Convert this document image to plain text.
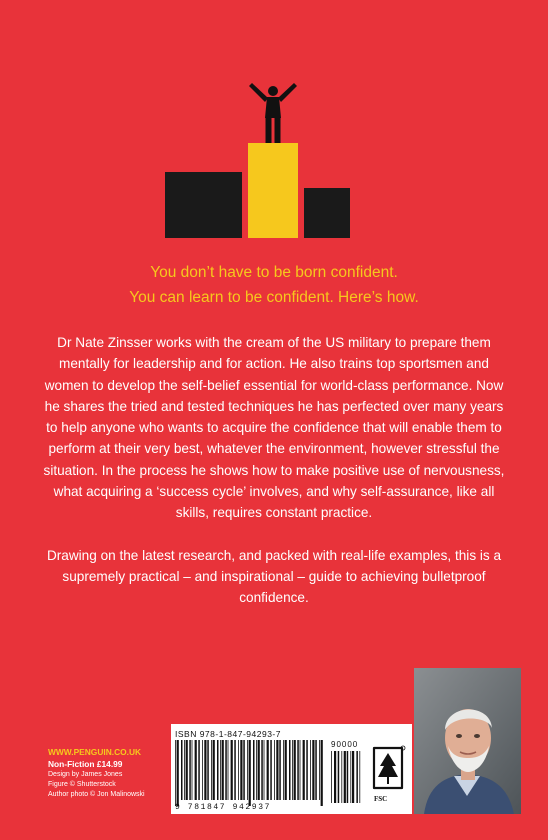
You don’t have to be born confident.
You can learn to be confident. Here’s how.

Dr Nate Zinsser works with the cream of the US military to prepare them mentally for leadership and for action. He also trains top sportsmen and women to develop the self-belief essential for world-class performance. Now he shares the tried and tested techniques he has perfected over many years to help anyone who wants to acquire the confidence that will enable them to perform at their very best, whatever the environment, however stressful the situation. In the process he shows how to make positive use of nervousness, what acquiring a ‘success cycle’ involves, and why self-assurance, like all skills, requires constant practice.

Drawing on the latest research, and packed with real-life examples, this is a supremely practical – and inspirational – guide to achieving bulletproof confidence.

WWW.PENGUIN.CO.UK
Non-Fiction £14.99
Design by James Jones
Figure © Shutterstock
Author photo © Jon Malinowski
ISBN 978-1-847-94293-7
9 781847 942937
90000
FSC
